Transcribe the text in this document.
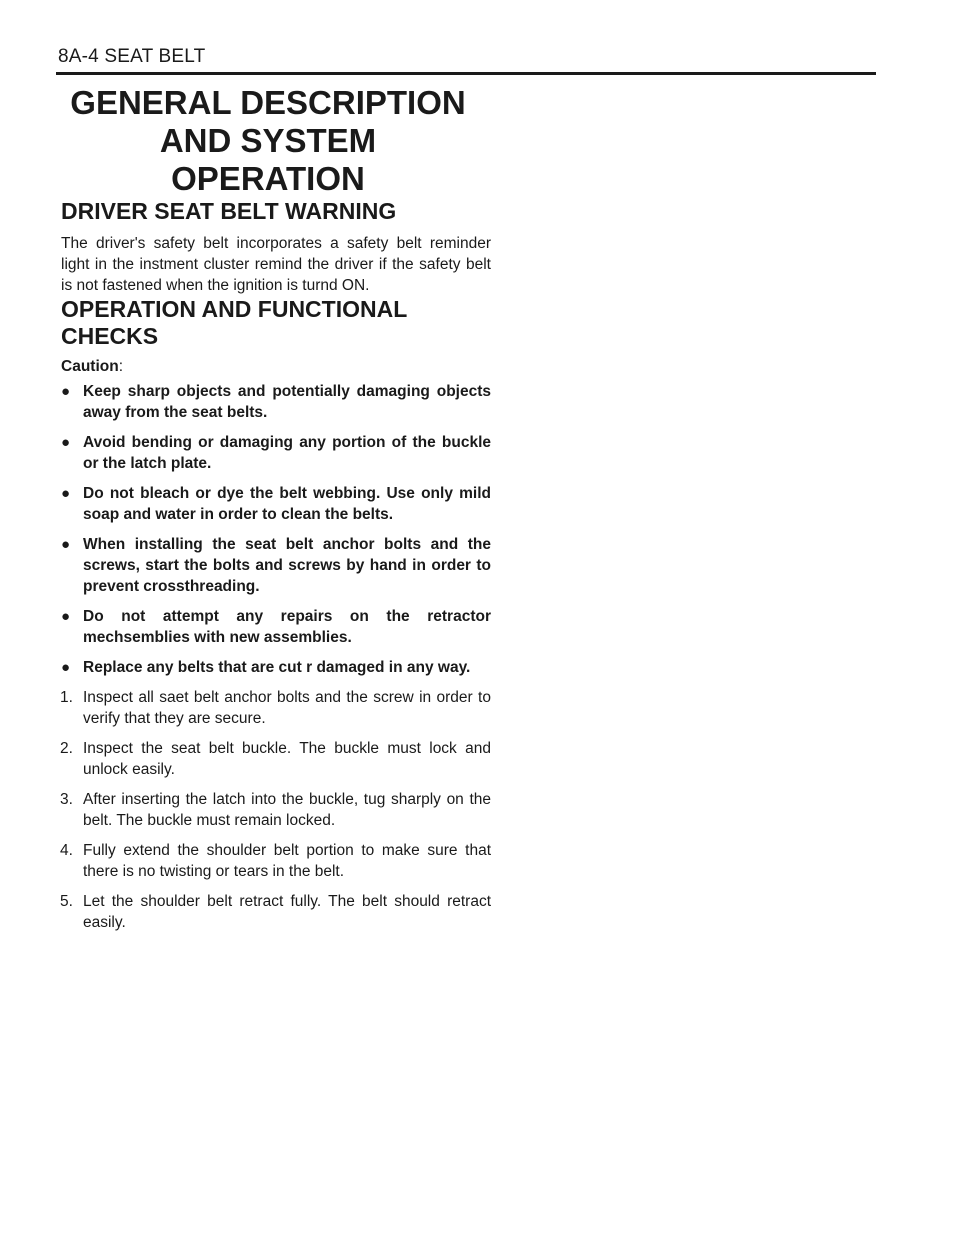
8A-4 SEAT BELT
GENERAL DESCRIPTION
AND SYSTEM OPERATION
DRIVER SEAT BELT WARNING

The driver's safety belt incorporates a safety belt reminder light in the instment cluster remind the driver if the safety belt is not fastened when the ignition is turnd ON.

OPERATION AND FUNCTIONAL CHECKS
Caution:
● Keep sharp objects and potentially damaging objects away from the seat belts.
● Avoid bending or damaging any portion of the buckle or the latch plate.
● Do not bleach or dye the belt webbing. Use only mild soap and water in order to clean the belts.
● When installing the seat belt anchor bolts and the screws, start the bolts and screws by hand in order to prevent crossthreading.
● Do not attempt any repairs on the retractor mechsemblies with new assemblies.
● Replace any belts that are cut r damaged in any way.
1. Inspect all saet belt anchor bolts and the screw in order to verify that they are secure.
2. Inspect the seat belt buckle. The buckle must lock and unlock easily.
3. After inserting the latch into the buckle, tug sharply on the belt. The buckle must remain locked.
4. Fully extend the shoulder belt portion to make sure that there is no twisting or tears in the belt.
5. Let the shoulder belt retract fully. The belt should retract easily.
